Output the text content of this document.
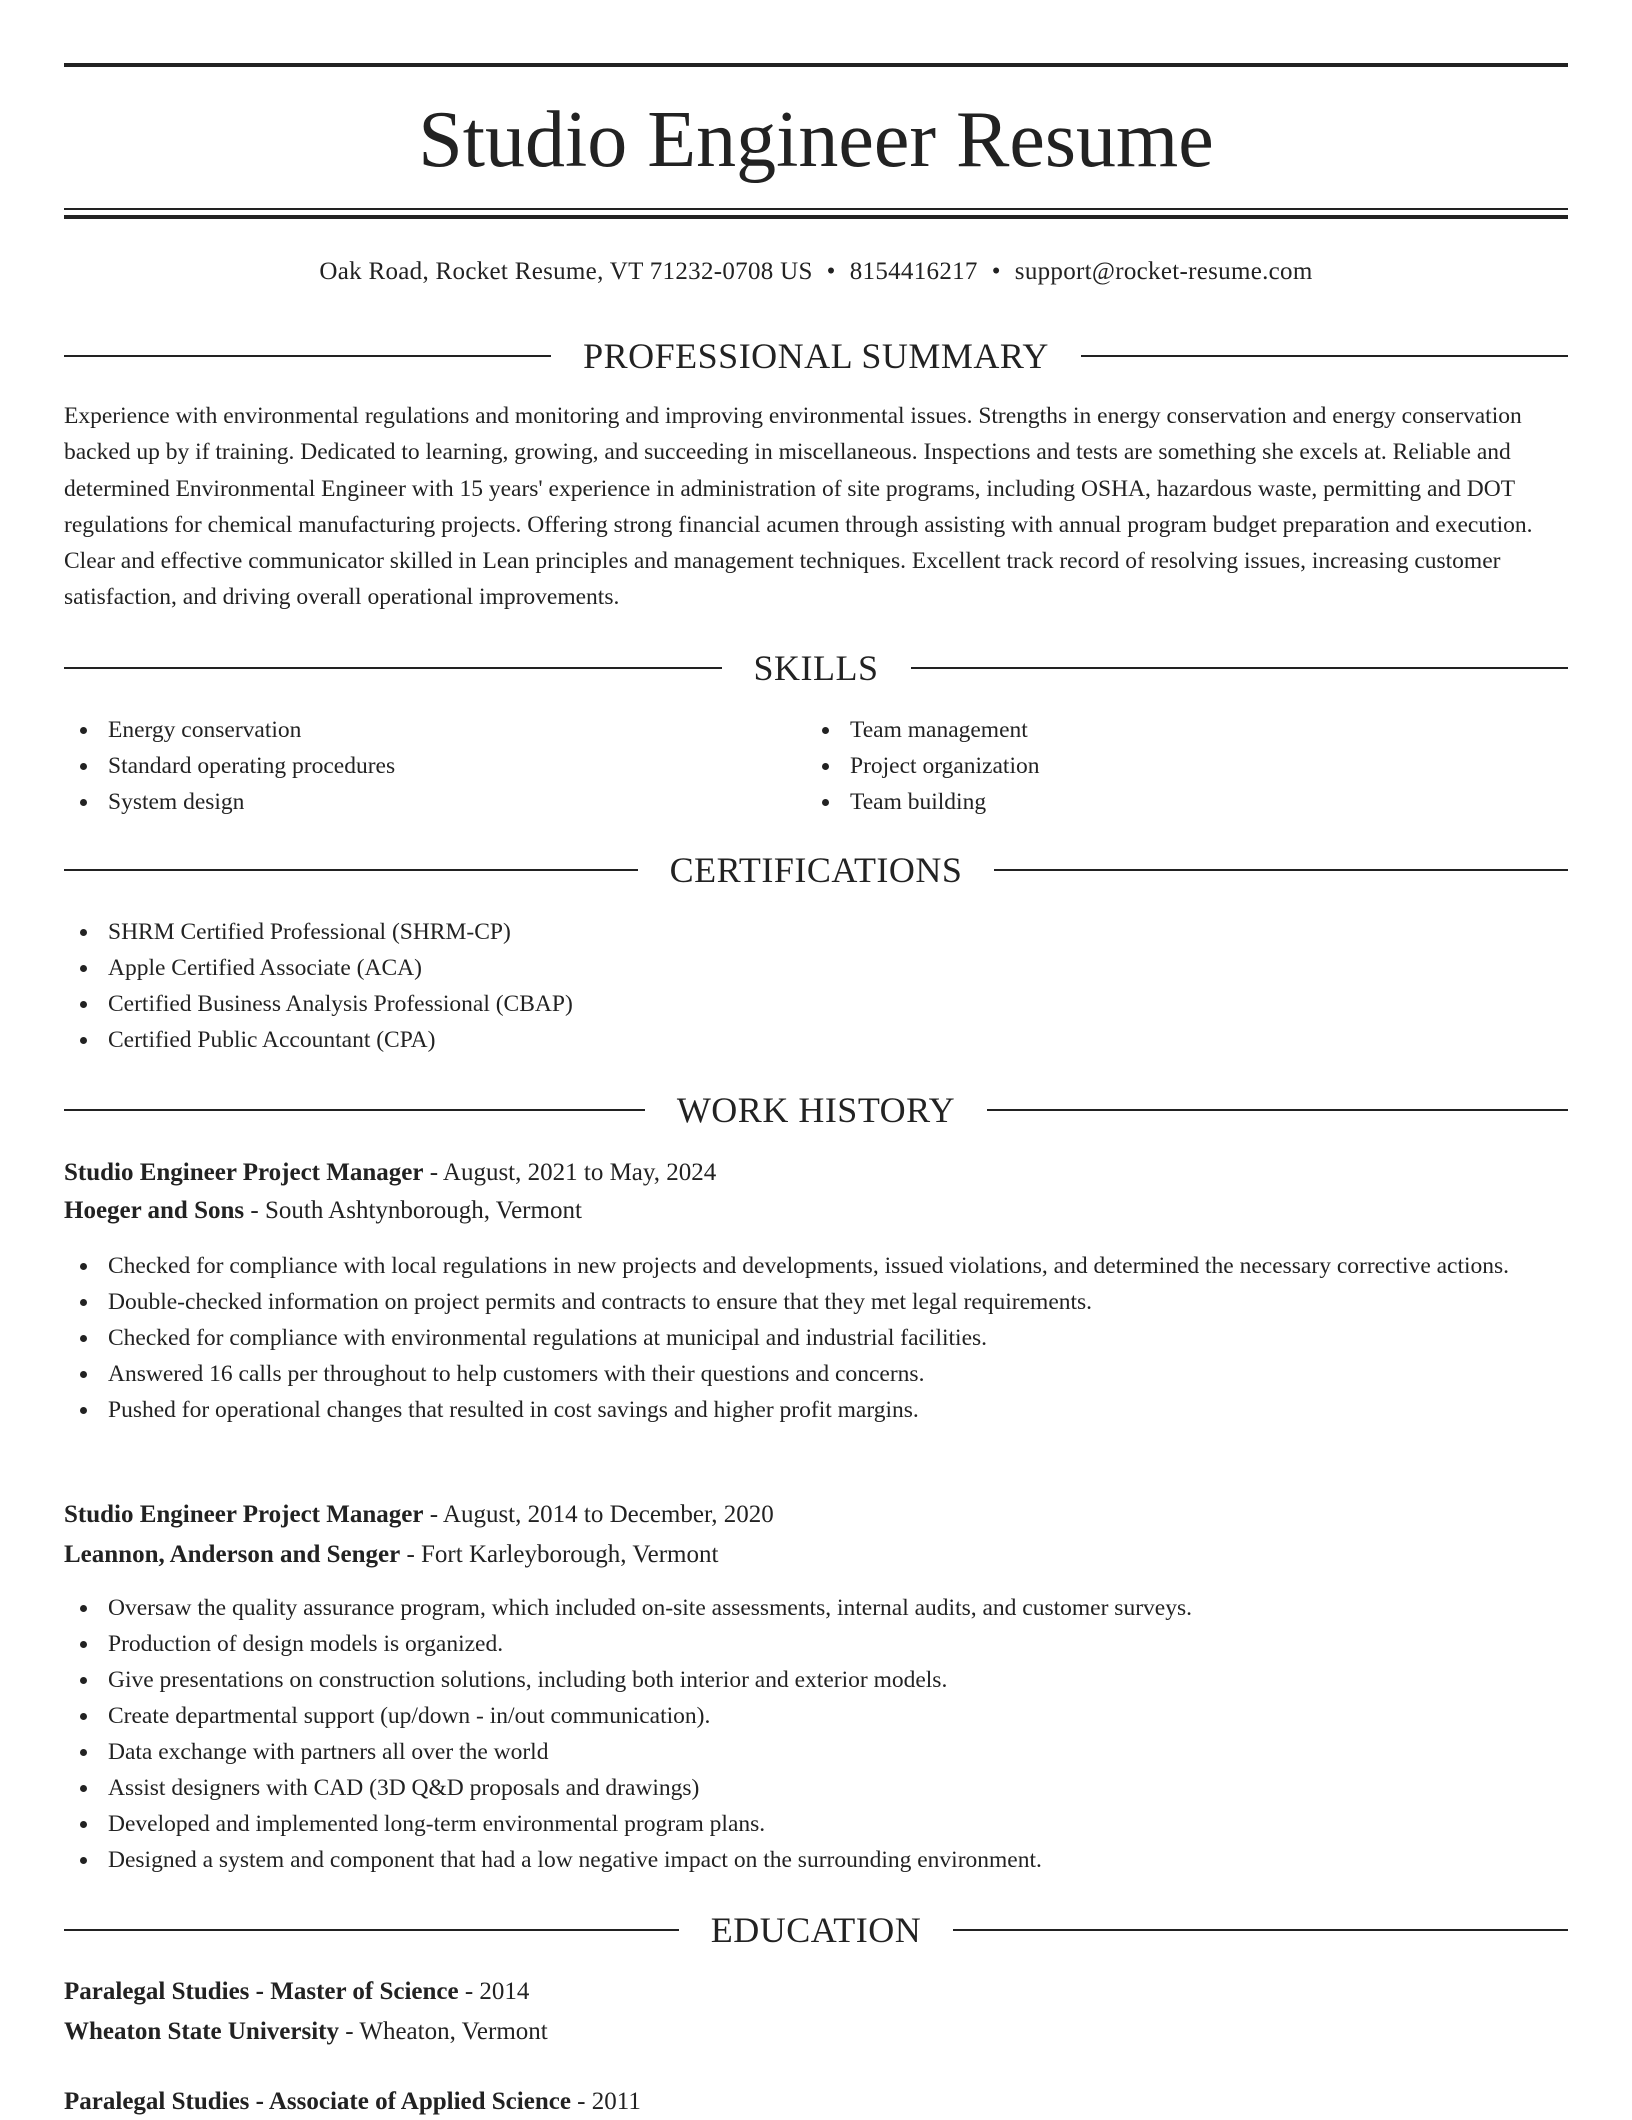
Studio Engineer Resume
Oak Road, Rocket Resume, VT 71232-0708 US • 8154416217 • support@rocket-resume.com
PROFESSIONAL SUMMARY

Experience with environmental regulations and monitoring and improving environmental issues. Strengths in energy conservation and energy conservation backed up by if training. Dedicated to learning, growing, and succeeding in miscellaneous. Inspections and tests are something she excels at. Reliable and determined Environmental Engineer with 15 years' experience in administration of site programs, including OSHA, hazardous waste, permitting and DOT regulations for chemical manufacturing projects. Offering strong financial acumen through assisting with annual program budget preparation and execution. Clear and effective communicator skilled in Lean principles and management techniques. Excellent track record of resolving issues, increasing customer satisfaction, and driving overall operational improvements.

SKILLS
Energy conservation
Standard operating procedures
System design
Team management
Project organization
Team building
CERTIFICATIONS
SHRM Certified Professional (SHRM-CP)
Apple Certified Associate (ACA)
Certified Business Analysis Professional (CBAP)
Certified Public Accountant (CPA)
WORK HISTORY
Studio Engineer Project Manager - August, 2021 to May, 2024
Hoeger and Sons - South Ashtynborough, Vermont
Checked for compliance with local regulations in new projects and developments, issued violations, and determined the necessary corrective actions.
Double-checked information on project permits and contracts to ensure that they met legal requirements.
Checked for compliance with environmental regulations at municipal and industrial facilities.
Answered 16 calls per throughout to help customers with their questions and concerns.
Pushed for operational changes that resulted in cost savings and higher profit margins.
Studio Engineer Project Manager - August, 2014 to December, 2020
Leannon, Anderson and Senger - Fort Karleyborough, Vermont
Oversaw the quality assurance program, which included on-site assessments, internal audits, and customer surveys.
Production of design models is organized.
Give presentations on construction solutions, including both interior and exterior models.
Create departmental support (up/down - in/out communication).
Data exchange with partners all over the world
Assist designers with CAD (3D Q&D proposals and drawings)
Developed and implemented long-term environmental program plans.
Designed a system and component that had a low negative impact on the surrounding environment.
EDUCATION
Paralegal Studies - Master of Science - 2014
Wheaton State University - Wheaton, Vermont
Paralegal Studies - Associate of Applied Science - 2011
